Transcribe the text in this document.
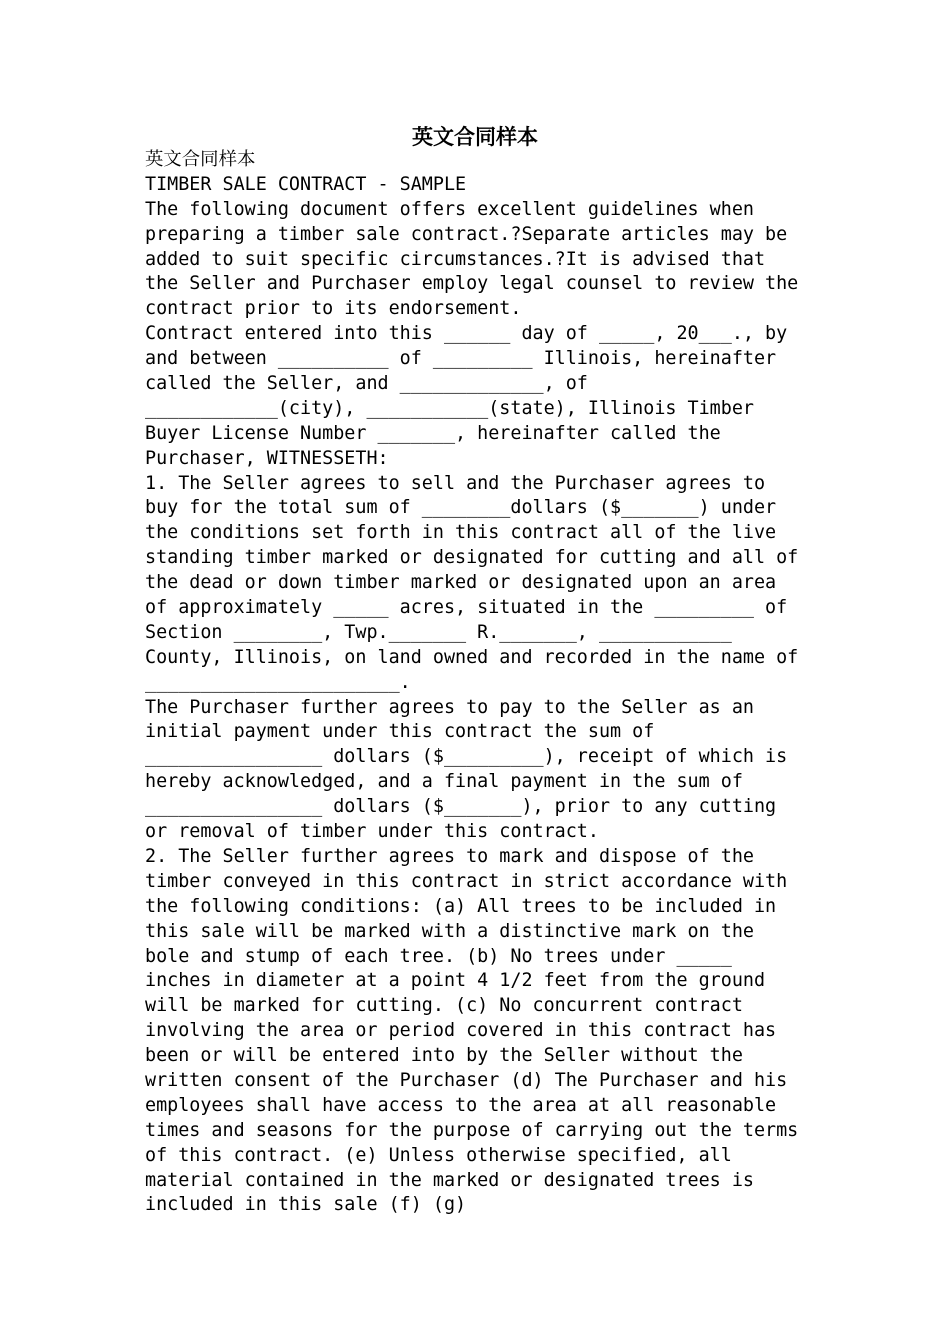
英文合同样本
英文合同样本
TIMBER SALE CONTRACT - SAMPLE
The following document offers excellent guidelines when
preparing a timber sale contract.?Separate articles may be
added to suit specific circumstances.?It is advised that
the Seller and Purchaser employ legal counsel to review the
contract prior to its endorsement.
Contract entered into this ______ day of _____, 20___., by
and between __________ of _________ Illinois, hereinafter
called the Seller, and _____________, of
____________(city), ___________(state), Illinois Timber
Buyer License Number _______, hereinafter called the
Purchaser, WITNESSETH:
1. The Seller agrees to sell and the Purchaser agrees to
buy for the total sum of ________dollars ($_______) under
the conditions set forth in this contract all of the live
standing timber marked or designated for cutting and all of
the dead or down timber marked or designated upon an area
of approximately _____ acres, situated in the _________ of
Section ________, Twp._______ R._______, ____________
County, Illinois, on land owned and recorded in the name of
_______________________.
The Purchaser further agrees to pay to the Seller as an
initial payment under this contract the sum of
________________ dollars ($_________), receipt of which is
hereby acknowledged, and a final payment in the sum of
________________ dollars ($_______), prior to any cutting
or removal of timber under this contract.
2. The Seller further agrees to mark and dispose of the
timber conveyed in this contract in strict accordance with
the following conditions: (a) All trees to be included in
this sale will be marked with a distinctive mark on the
bole and stump of each tree. (b) No trees under _____
inches in diameter at a point 4 1/2 feet from the ground
will be marked for cutting. (c) No concurrent contract
involving the area or period covered in this contract has
been or will be entered into by the Seller without the
written consent of the Purchaser (d) The Purchaser and his
employees shall have access to the area at all reasonable
times and seasons for the purpose of carrying out the terms
of this contract. (e) Unless otherwise specified, all
material contained in the marked or designated trees is
included in this sale (f) (g)
